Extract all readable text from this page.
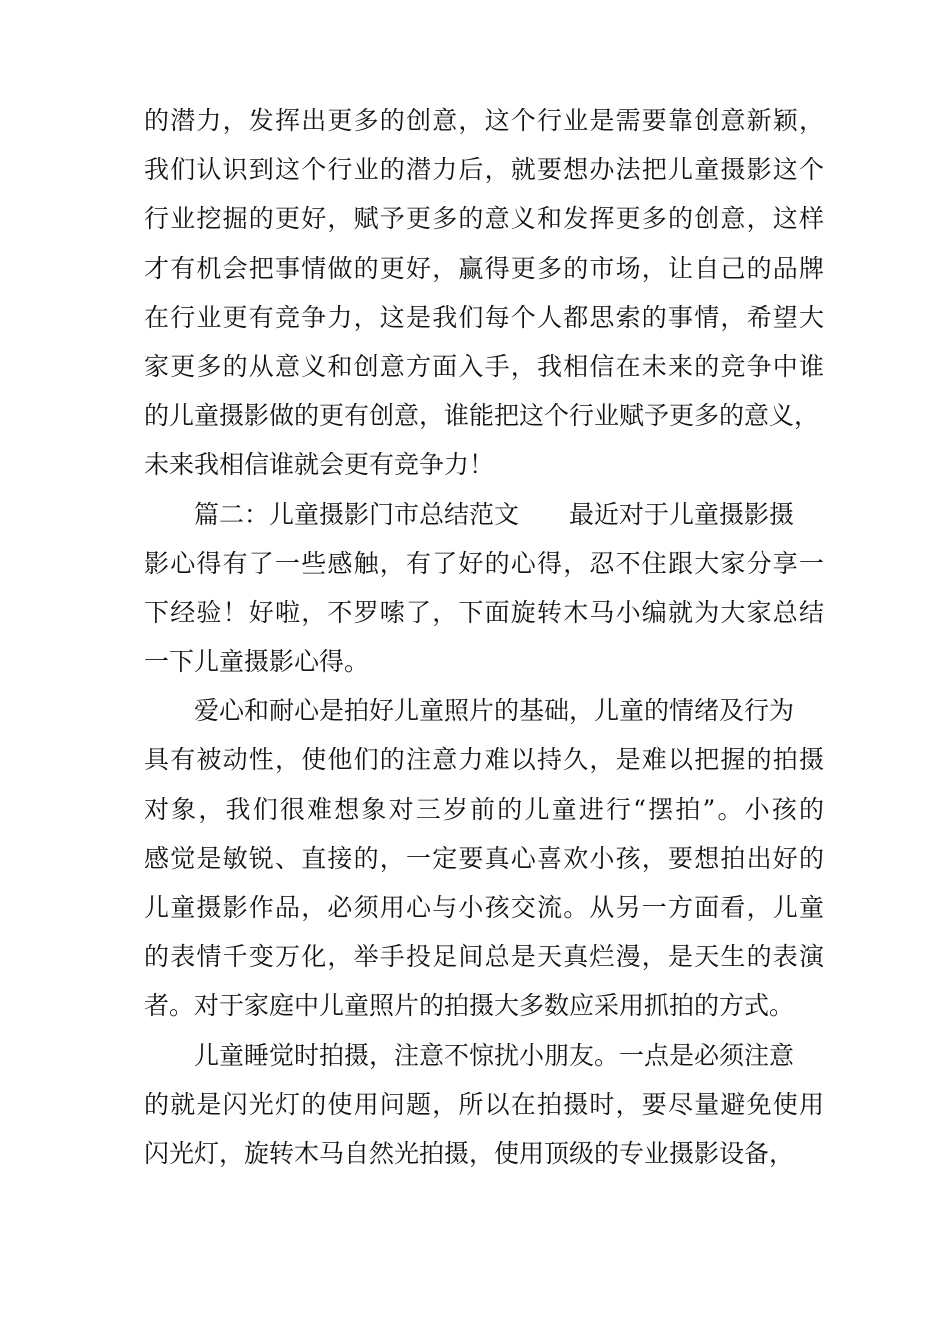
的潜力，发挥出更多的创意，这个行业是需要靠创意新颖，
我们认识到这个行业的潜力后，就要想办法把儿童摄影这个
行业挖掘的更好，赋予更多的意义和发挥更多的创意，这样
才有机会把事情做的更好，赢得更多的市场，让自己的品牌
在行业更有竞争力，这是我们每个人都思索的事情，希望大
家更多的从意义和创意方面入手，我相信在未来的竞争中谁
的儿童摄影做的更有创意，谁能把这个行业赋予更多的意义，
未来我相信谁就会更有竞争力！
篇二：儿童摄影门市总结范文 最近对于儿童摄影摄
影心得有了一些感触，有了好的心得，忍不住跟大家分享一
下经验！好啦，不罗嗦了，下面旋转木马小编就为大家总结
一下儿童摄影心得。
爱心和耐心是拍好儿童照片的基础，儿童的情绪及行为
具有被动性，使他们的注意力难以持久，是难以把握的拍摄
对象，我们很难想象对三岁前的儿童进行“摆拍”。小孩的
感觉是敏锐、直接的，一定要真心喜欢小孩，要想拍出好的
儿童摄影作品，必须用心与小孩交流。从另一方面看，儿童
的表情千变万化，举手投足间总是天真烂漫，是天生的表演
者。对于家庭中儿童照片的拍摄大多数应采用抓拍的方式。
儿童睡觉时拍摄，注意不惊扰小朋友。一点是必须注意
的就是闪光灯的使用问题，所以在拍摄时，要尽量避免使用
闪光灯，旋转木马自然光拍摄，使用顶级的专业摄影设备，
